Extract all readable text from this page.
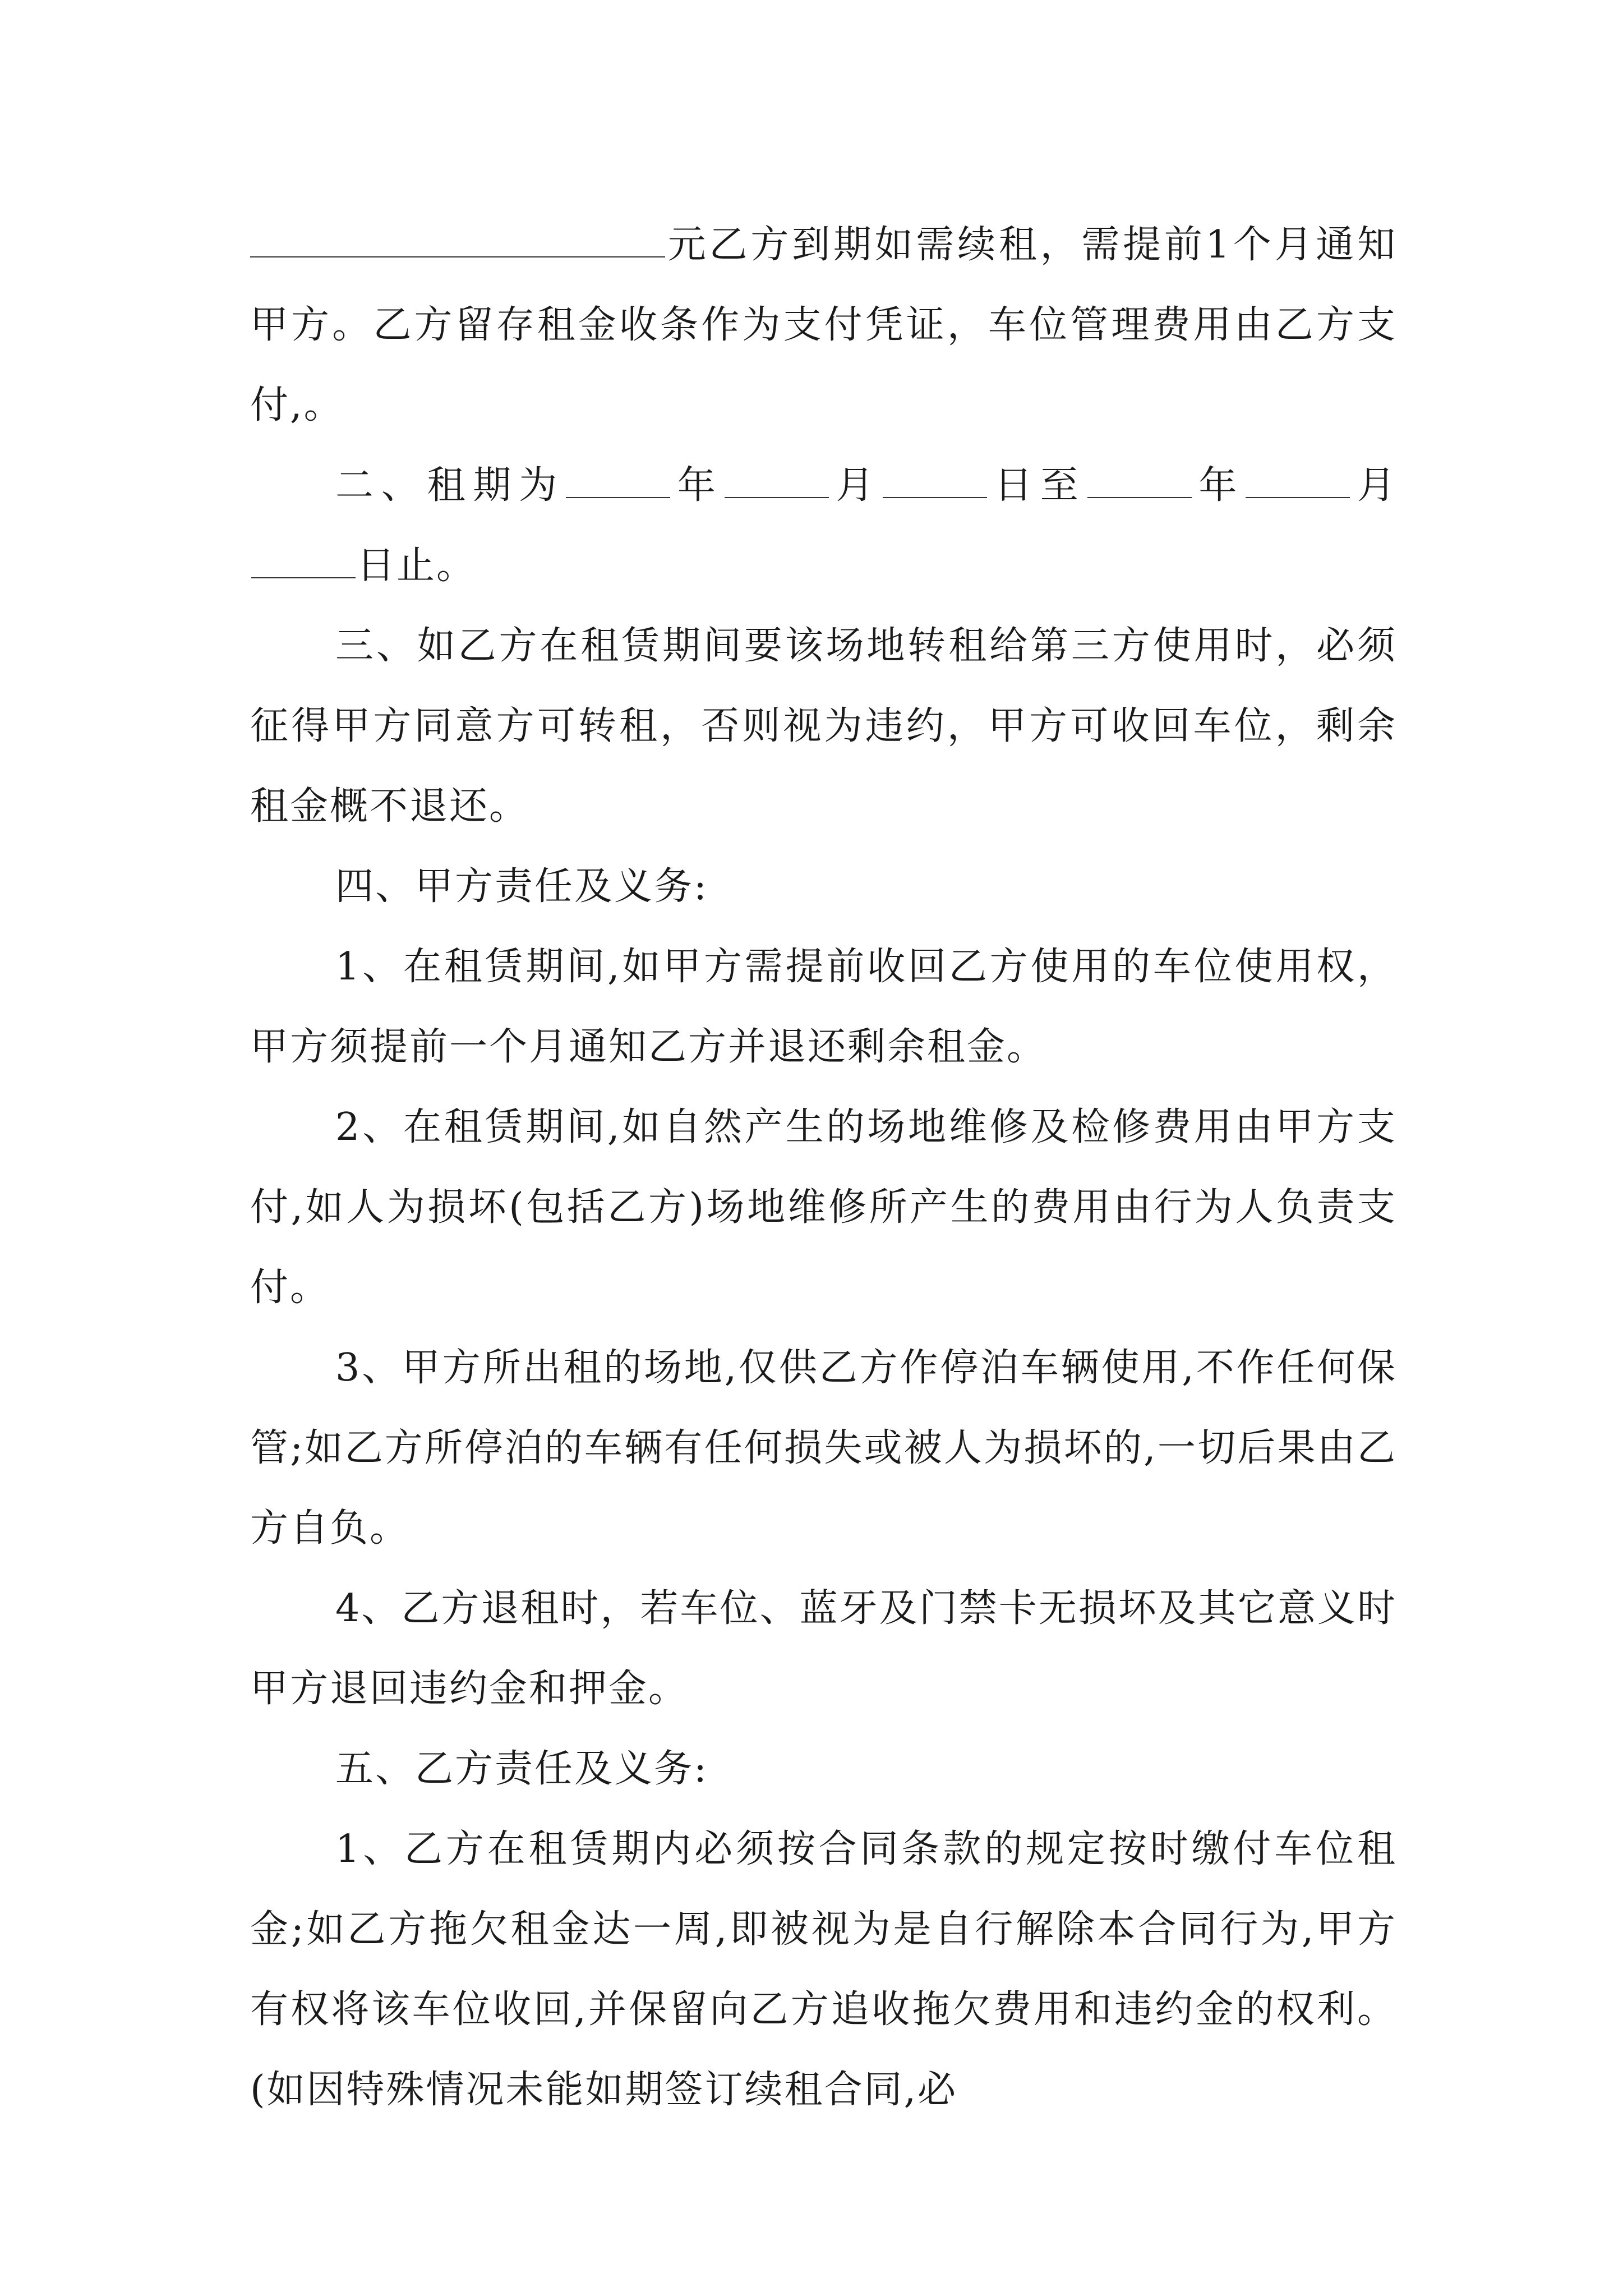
元乙方到期如需续租，需提前1个月通知甲方。乙方留存租金收条作为支付凭证，车位管理费用由乙方支付,。

二、租期为	年	月	日至	年	月日止。

三、如乙方在租赁期间要该场地转租给第三方使用时，必须征得甲方同意方可转租，否则视为违约，甲方可收回车位，剩余租金概不退还。

四、甲方责任及义务:

1、在租赁期间,如甲方需提前收回乙方使用的车位使用权，甲方须提前一个月通知乙方并退还剩余租金。

2、在租赁期间,如自然产生的场地维修及检修费用由甲方支付,如人为损坏(包括乙方)场地维修所产生的费用由行为人负责支付。

3、甲方所出租的场地,仅供乙方作停泊车辆使用,不作任何保管;如乙方所停泊的车辆有任何损失或被人为损坏的,一切后果由乙方自负。

4、乙方退租时，若车位、蓝牙及门禁卡无损坏及其它意义时甲方退回违约金和押金。

五、乙方责任及义务:

1、乙方在租赁期内必须按合同条款的规定按时缴付车位租金;如乙方拖欠租金达一周,即被视为是自行解除本合同行为,甲方有权将该车位收回,并保留向乙方追收拖欠费用和违约金的权利。(如因特殊情况未能如期签订续租合同,必
